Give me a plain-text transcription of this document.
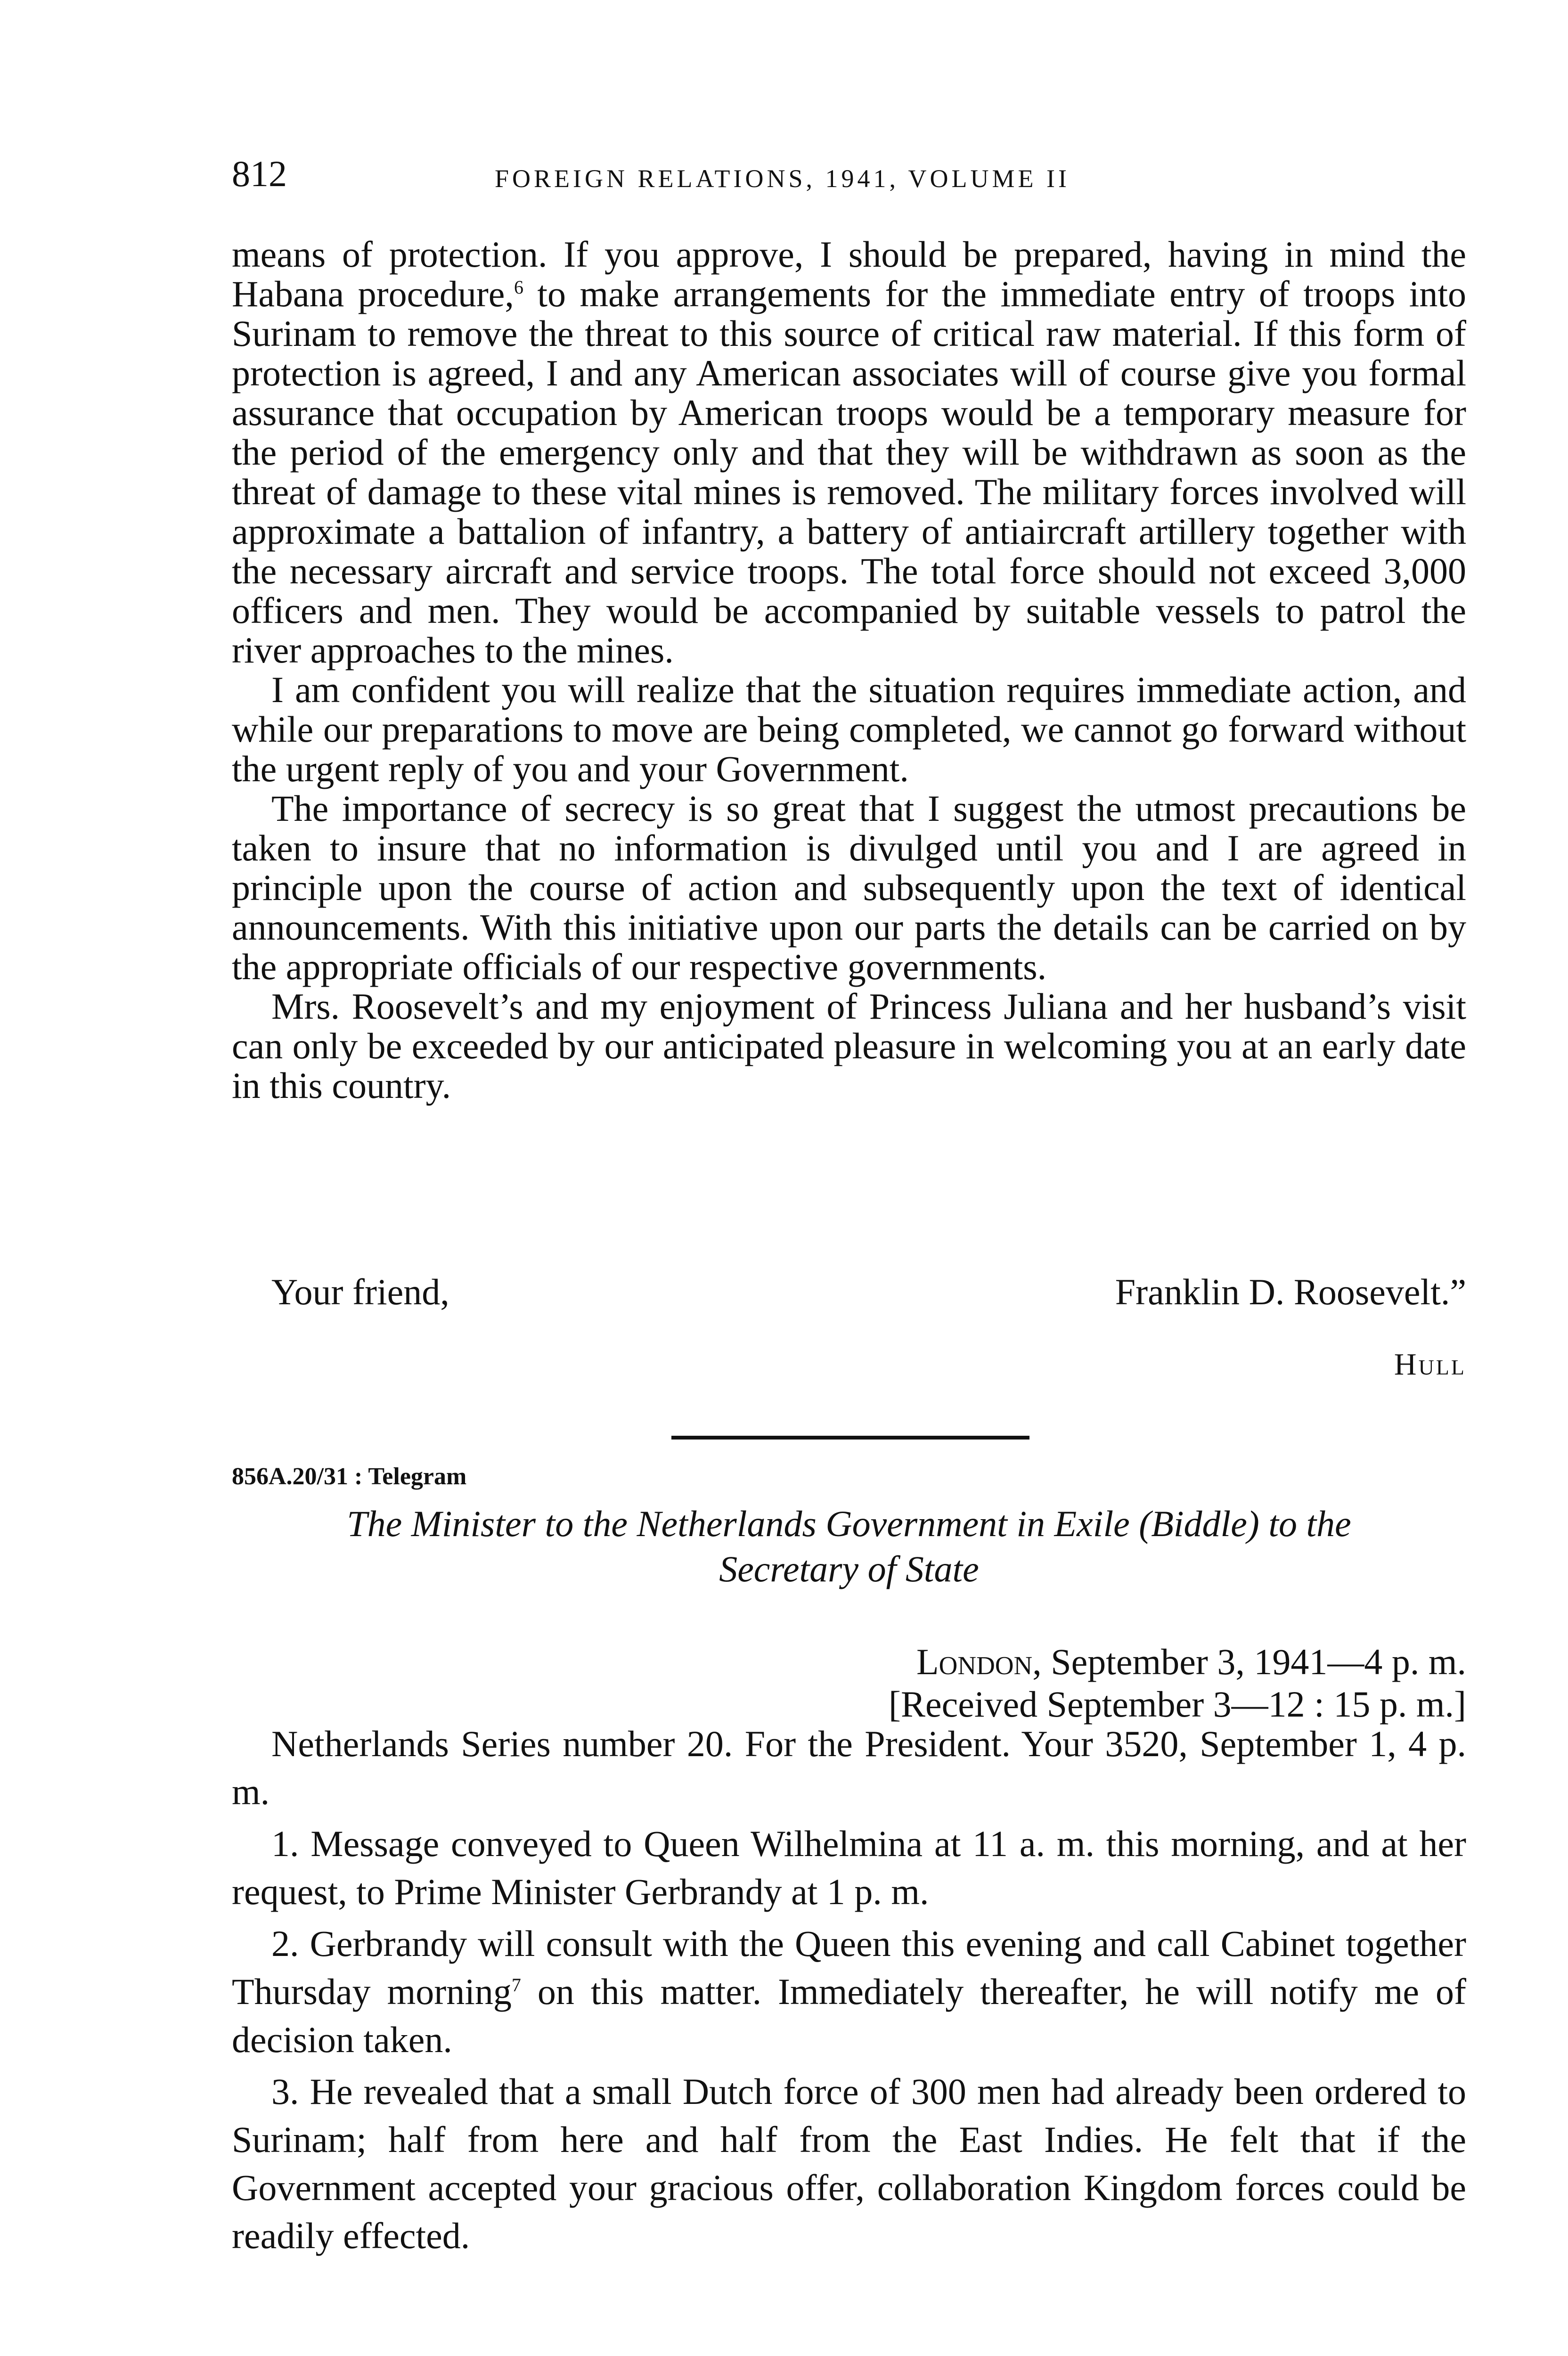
812	FOREIGN RELATIONS, 1941, VOLUME II

means of protection. If you approve, I should be prepared, having in mind the Habana procedure,$^6$ to make arrangements for the immediate entry of troops into Surinam to remove the threat to this source of critical raw material. If this form of protection is agreed, I and any American associates will of course give you formal assurance that occupation by American troops would be a temporary measure for the period of the emergency only and that they will be withdrawn as soon as the threat of damage to these vital mines is removed. The military forces involved will approximate a battalion of infantry, a battery of antiaircraft artillery together with the necessary aircraft and service troops. The total force should not exceed 3,000 officers and men. They would be accompanied by suitable vessels to patrol the river approaches to the mines.

I am confident you will realize that the situation requires immediate action, and while our preparations to move are being completed, we cannot go forward without the urgent reply of you and your Government.

The importance of secrecy is so great that I suggest the utmost precautions be taken to insure that no information is divulged until you and I are agreed in principle upon the course of action and subsequently upon the text of identical announcements. With this initiative upon our parts the details can be carried on by the appropriate officials of our respective governments.

Mrs. Roosevelt’s and my enjoyment of Princess Juliana and her husband’s visit can only be exceeded by our anticipated pleasure in welcoming you at an early date in this country.

Your friend,	Franklin D. Roosevelt.”
Hull
856A.20/31 : Telegram
The Minister to the Netherlands Government in Exile (Biddle) to the
Secretary of State
London, September 3, 1941—4 p. m.
[Received September 3—12 : 15 p. m.]

Netherlands Series number 20. For the President. Your 3520, September 1, 4 p. m.

1. Message conveyed to Queen Wilhelmina at 11 a. m. this morning, and at her request, to Prime Minister Gerbrandy at 1 p. m.

2. Gerbrandy will consult with the Queen this evening and call Cabinet together Thursday morning$^7$ on this matter. Immediately thereafter, he will notify me of decision taken.

3. He revealed that a small Dutch force of 300 men had already been ordered to Surinam; half from here and half from the East Indies. He felt that if the Government accepted your gracious offer, collaboration Kingdom forces could be readily effected.
